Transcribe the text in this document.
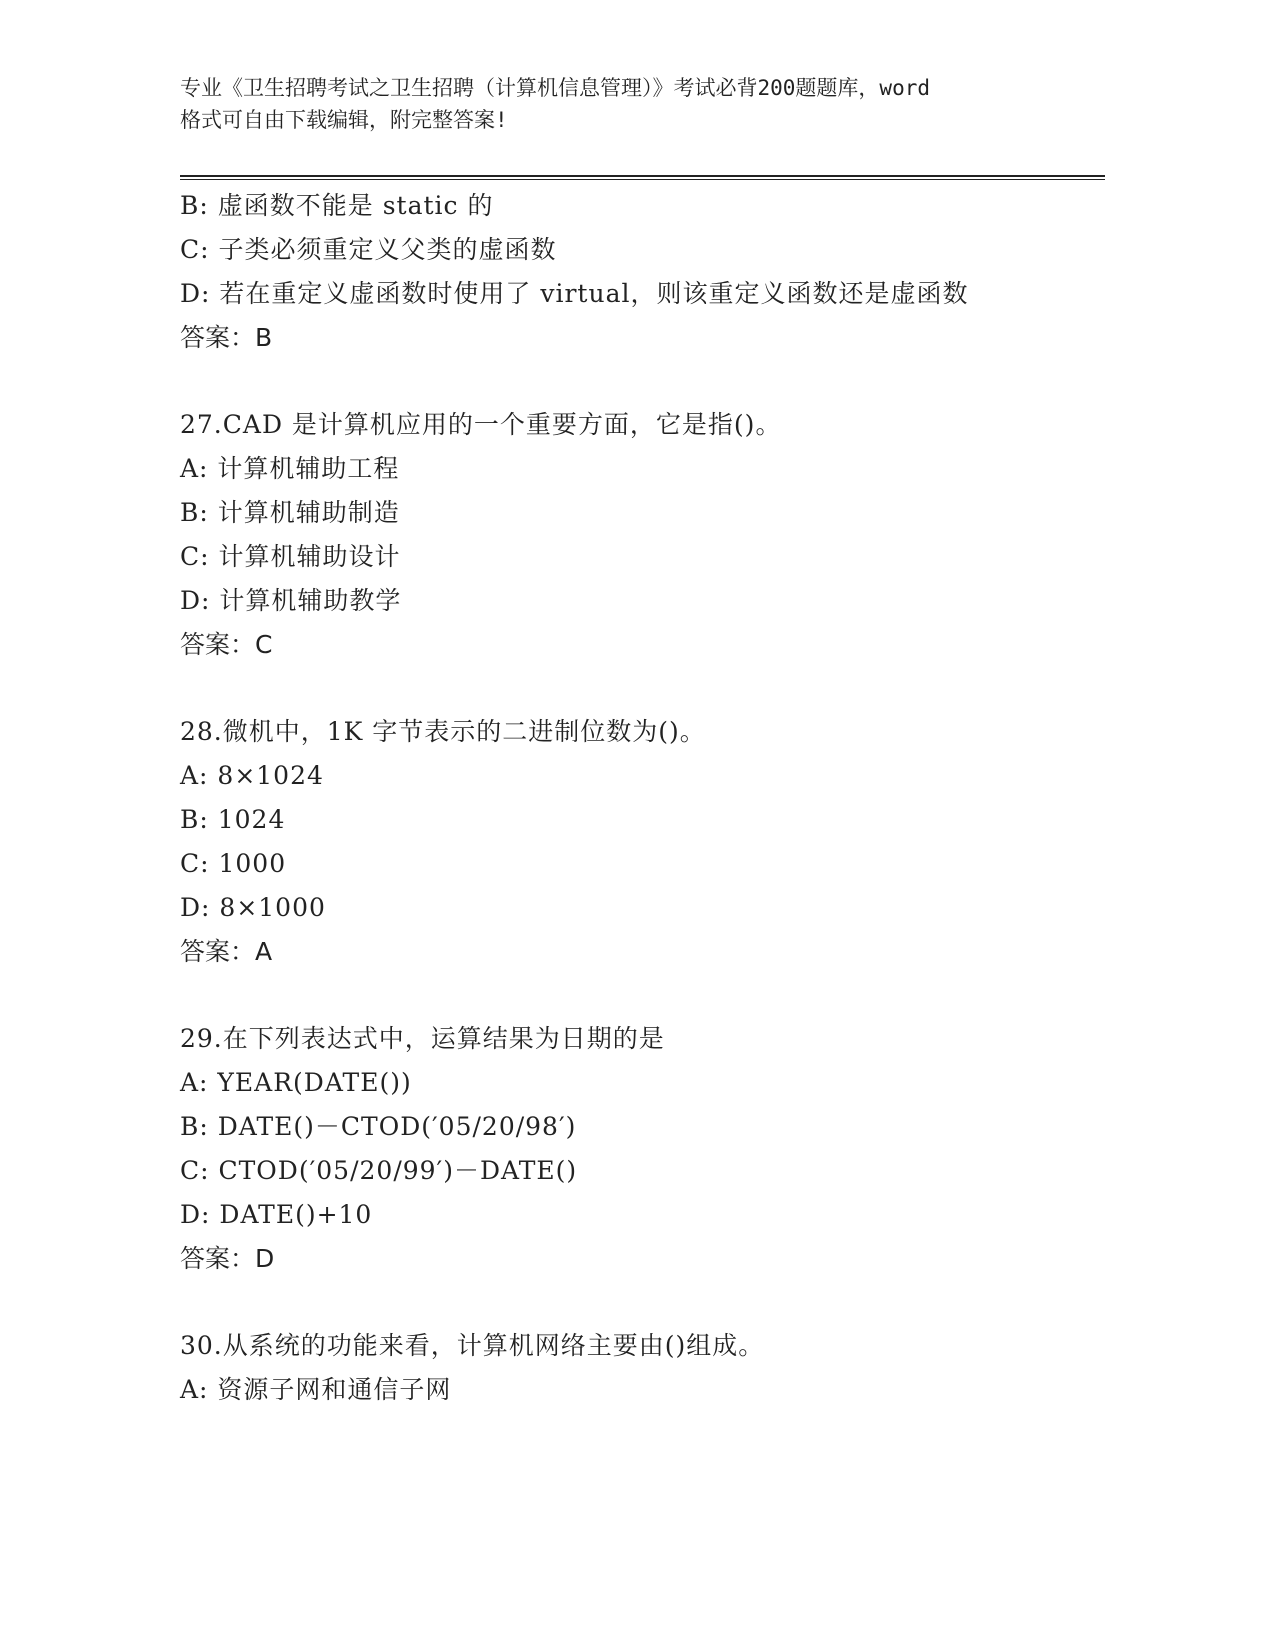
专业《卫生招聘考试之卫生招聘（计算机信息管理）》考试必背200题题库，word
格式可自由下载编辑，附完整答案!
B: 虚函数不能是 static 的
C: 子类必须重定义父类的虚函数
D: 若在重定义虚函数时使用了 virtual，则该重定义函数还是虚函数
答案：B
27.CAD 是计算机应用的一个重要方面，它是指()。
A: 计算机辅助工程
B: 计算机辅助制造
C: 计算机辅助设计
D: 计算机辅助教学
答案：C
28.微机中，1K 字节表示的二进制位数为()。
A: 8×1024
B: 1024
C: 1000
D: 8×1000
答案：A
29.在下列表达式中，运算结果为日期的是
A: YEAR(DATE())
B: DATE()－CTOD(′05/20/98′)
C: CTOD(′05/20/99′)－DATE()
D: DATE()+10
答案：D
30.从系统的功能来看，计算机网络主要由()组成。
A: 资源子网和通信子网
